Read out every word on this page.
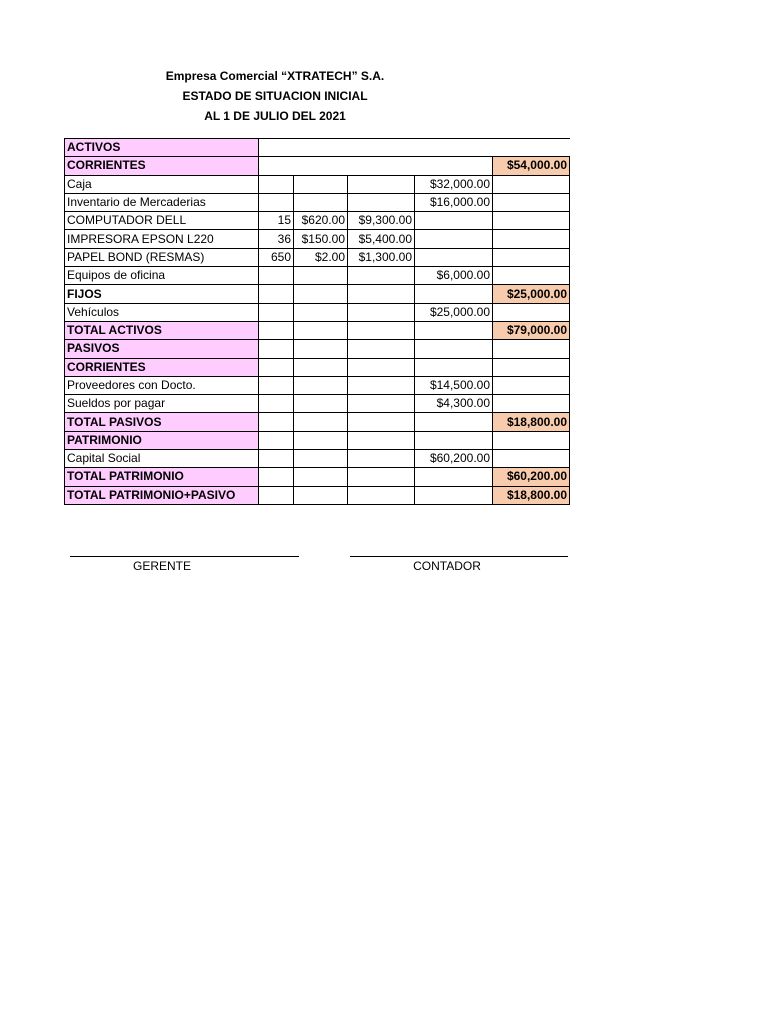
Empresa Comercial “XTRATECH” S.A.
ESTADO DE SITUACION INICIAL
AL 1 DE JULIO DEL 2021
ACTIVOS					
CORRIENTES					$54,000.00
Caja				$32,000.00	
Inventario de Mercaderias				$16,000.00	
COMPUTADOR DELL	15	$620.00	$9,300.00		
IMPRESORA EPSON L220	36	$150.00	$5,400.00		
PAPEL BOND (RESMAS)	650	$2.00	$1,300.00		
Equipos de oficina				$6,000.00	
FIJOS					$25,000.00
Vehículos				$25,000.00	
TOTAL ACTIVOS					$79,000.00
PASIVOS					
CORRIENTES					
Proveedores con Docto.				$14,500.00	
Sueldos por pagar				$4,300.00	
TOTAL PASIVOS					$18,800.00
PATRIMONIO					
Capital Social				$60,200.00	
TOTAL PATRIMONIO					$60,200.00
TOTAL PATRIMONIO+PASIVO					$18,800.00
GERENTE	CONTADOR
